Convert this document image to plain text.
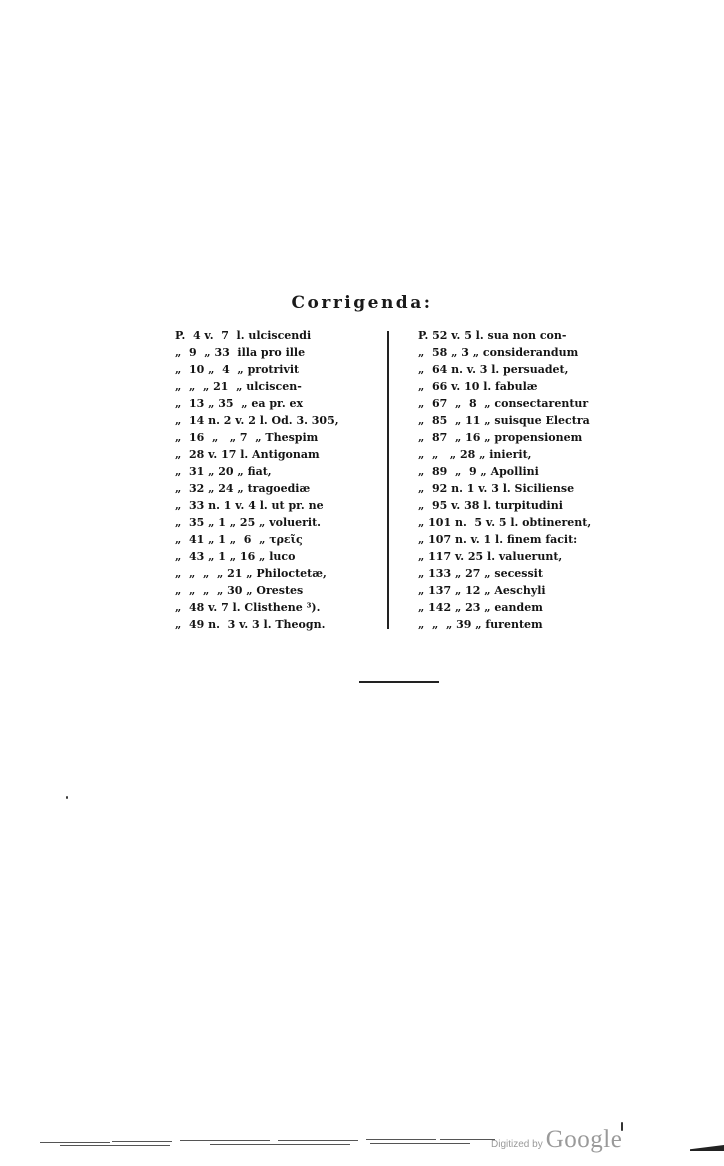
Corrigenda:
P.  4 v.  7  l. ulciscendi
„  9  „ 33  illa pro ille
„  10 „  4  „ protrivit
„  „  „ 21  „ ulciscen-
„  13 „ 35  „ ea pr. ex
„  14 n. 2 v. 2 l. Od. 3. 305,
„  16  „   „ 7  „ Thespim
„  28 v. 17 l. Antigonam
„  31 „ 20 „ fiat,
„  32 „ 24 „ tragoediæ
„  33 n. 1 v. 4 l. ut pr. ne
„  35 „ 1 „ 25 „ voluerit.
„  41 „ 1 „  6  „ τρεῖς
„  43 „ 1 „ 16 „ luco
„  „  „  „ 21 „ Philoctetæ,
„  „  „  „ 30 „ Orestes
„  48 v. 7 l. Clisthene ³).
„  49 n.  3 v. 3 l. Theogn.
P. 52 v. 5 l. sua non con-
„  58 „ 3 „ considerandum
„  64 n. v. 3 l. persuadet,
„  66 v. 10 l. fabulæ
„  67  „  8  „ consectarentur
„  85  „ 11 „ suisque Electra
„  87  „ 16 „ propensionem
„  „   „ 28 „ inierit,
„  89  „  9 „ Apollini
„  92 n. 1 v. 3 l. Siciliense
„  95 v. 38 l. turpitudini
„ 101 n.  5 v. 5 l. obtinerent,
„ 107 n. v. 1 l. finem facit:
„ 117 v. 25 l. valuerunt,
„ 133 „ 27 „ secessit
„ 137 „ 12 „ Aeschyli
„ 142 „ 23 „ eandem
„  „  „ 39 „ furentem
Digitized by Google
